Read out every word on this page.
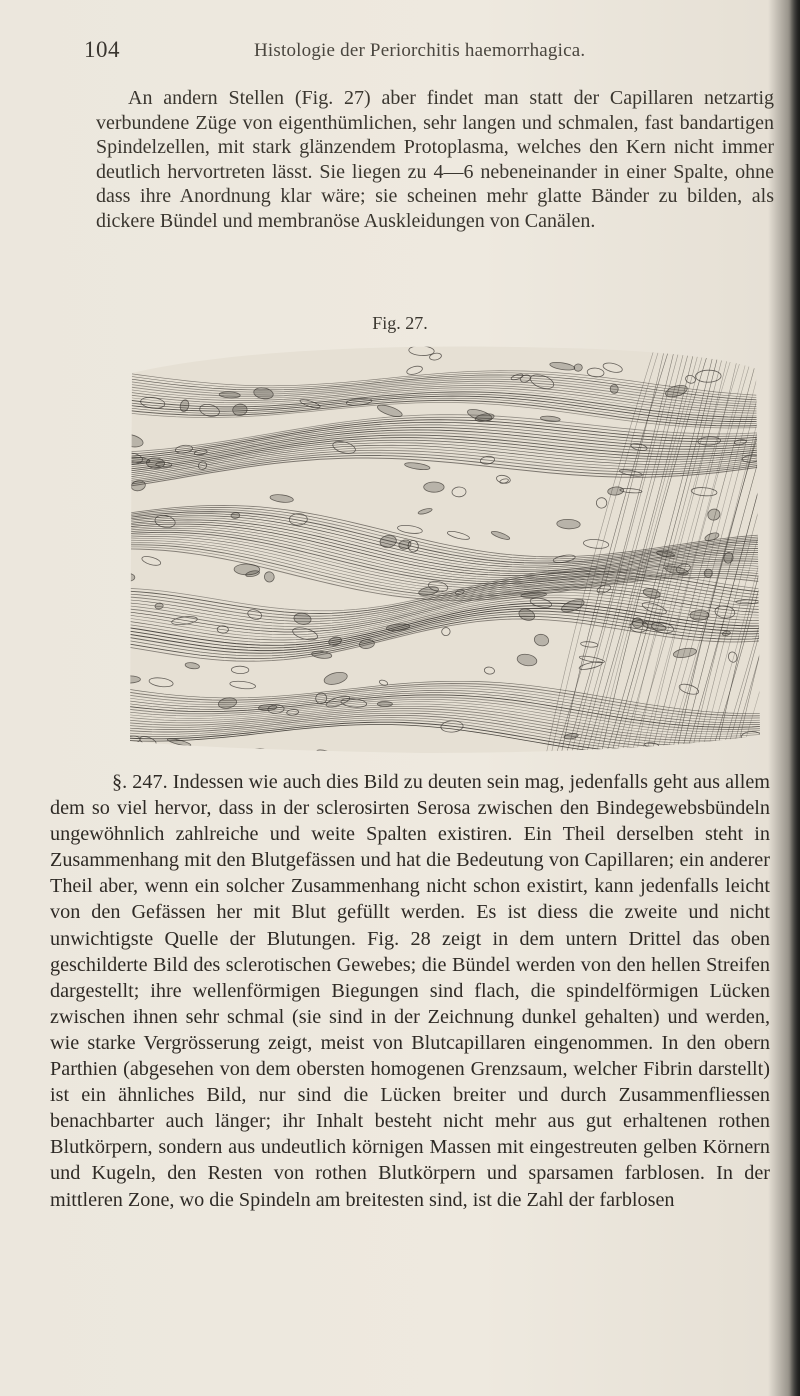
104	Histologie der Periorchitis haemorrhagica.

An andern Stellen (Fig. 27) aber findet man statt der Capillaren netzartig verbundene Züge von eigenthümlichen, sehr langen und schmalen, fast bandartigen Spindelzellen, mit stark glänzendem Protoplasma, welches den Kern nicht immer deutlich hervortreten lässt. Sie liegen zu 4—6 nebeneinander in einer Spalte, ohne dass ihre Anordnung klar wäre; sie scheinen mehr glatte Bänder zu bilden, als dickere Bündel und membranöse Auskleidungen von Canälen.

Fig. 27.

§. 247. Indessen wie auch dies Bild zu deuten sein mag, jedenfalls geht aus allem dem so viel hervor, dass in der sclerosirten Serosa zwischen den Bindegewebsbündeln ungewöhnlich zahlreiche und weite Spalten existiren. Ein Theil derselben steht in Zusammenhang mit den Blutgefässen und hat die Bedeutung von Capillaren; ein anderer Theil aber, wenn ein solcher Zusammenhang nicht schon existirt, kann jedenfalls leicht von den Gefässen her mit Blut gefüllt werden. Es ist diess die zweite und nicht unwichtigste Quelle der Blutungen. Fig. 28 zeigt in dem untern Drittel das oben geschilderte Bild des sclerotischen Gewebes; die Bündel werden von den hellen Streifen dargestellt; ihre wellenförmigen Biegungen sind flach, die spindelförmigen Lücken zwischen ihnen sehr schmal (sie sind in der Zeichnung dunkel gehalten) und werden, wie starke Vergrösserung zeigt, meist von Blutcapillaren eingenommen. In den obern Parthien (abgesehen von dem obersten homogenen Grenzsaum, welcher Fibrin darstellt) ist ein ähnliches Bild, nur sind die Lücken breiter und durch Zusammenfliessen benachbarter auch länger; ihr Inhalt besteht nicht mehr aus gut erhaltenen rothen Blutkörpern, sondern aus undeutlich körnigen Massen mit eingestreuten gelben Körnern und Kugeln, den Resten von rothen Blutkörpern und sparsamen farblosen. In der mittleren Zone, wo die Spindeln am breitesten sind, ist die Zahl der farblosen
